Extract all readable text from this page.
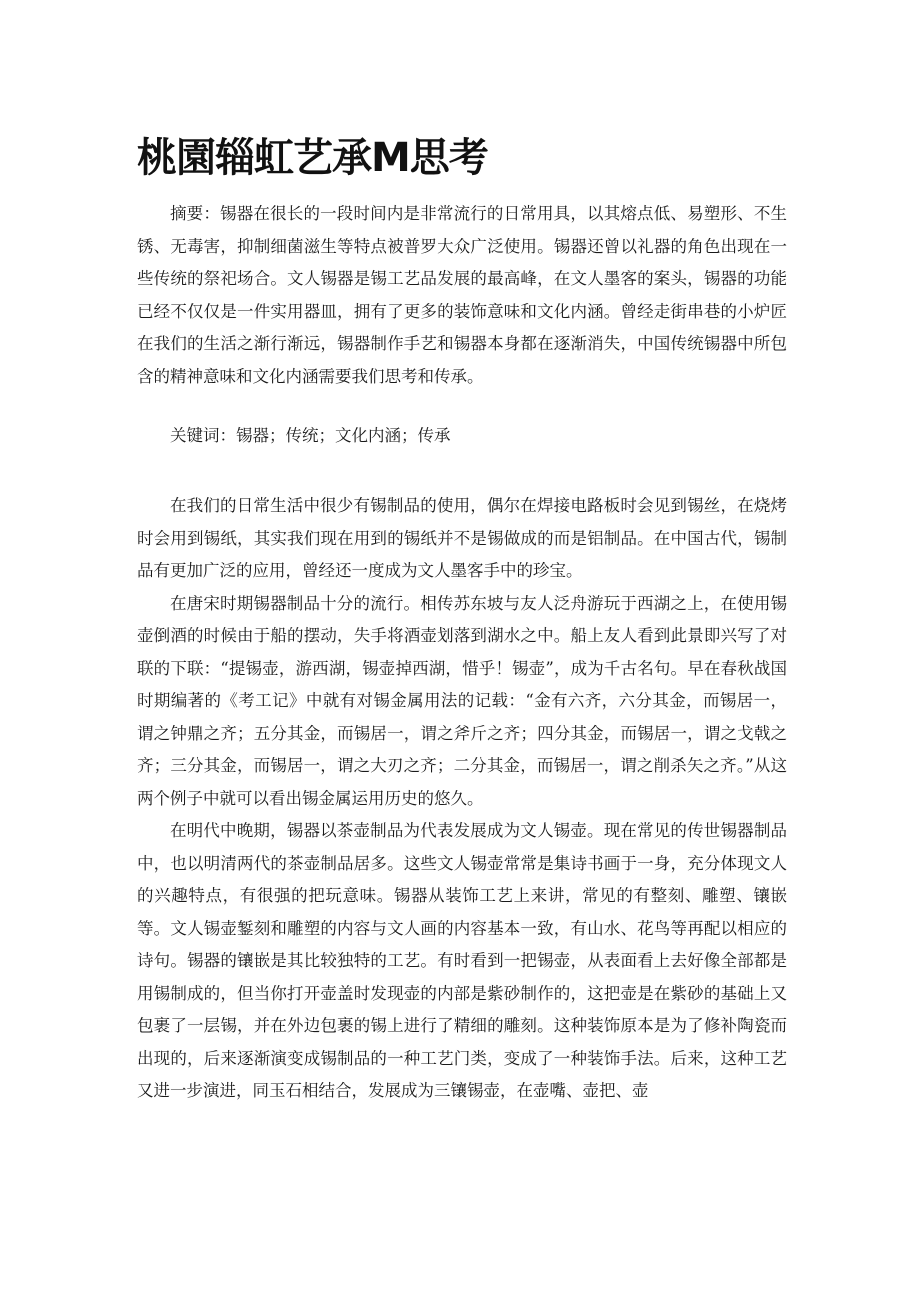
桃園辎虹艺承M思考

摘要：锡器在很长的一段时间内是非常流行的日常用具，以其熔点低、易塑形、不生锈、无毒害，抑制细菌滋生等特点被普罗大众广泛使用。锡器还曾以礼器的角色出现在一些传统的祭祀场合。文人锡器是锡工艺品发展的最高峰，在文人墨客的案头，锡器的功能已经不仅仅是一件实用器皿，拥有了更多的装饰意味和文化内涵。曾经走街串巷的小炉匠在我们的生活之渐行渐远，锡器制作手艺和锡器本身都在逐渐消失，中国传统锡器中所包含的精神意味和文化内涵需要我们思考和传承。

关键词：锡器；传统；文化内涵；传承

在我们的日常生活中很少有锡制品的使用，偶尔在焊接电路板时会见到锡丝，在烧烤时会用到锡纸，其实我们现在用到的锡纸并不是锡做成的而是铝制品。在中国古代，锡制品有更加广泛的应用，曾经还一度成为文人墨客手中的珍宝。

在唐宋时期锡器制品十分的流行。相传苏东坡与友人泛舟游玩于西湖之上，在使用锡壶倒酒的时候由于船的摆动，失手将酒壶划落到湖水之中。船上友人看到此景即兴写了对联的下联：“提锡壶，游西湖，锡壶掉西湖，惜乎！锡壶”，成为千古名句。早在春秋战国时期编著的《考工记》中就有对锡金属用法的记载：“金有六齐，六分其金，而锡居一，谓之钟鼎之齐；五分其金，而锡居一，谓之斧斤之齐；四分其金，而锡居一，谓之戈戟之齐；三分其金，而锡居一，谓之大刃之齐；二分其金，而锡居一，谓之削杀矢之齐。”从这两个例子中就可以看出锡金属运用历史的悠久。

在明代中晚期，锡器以茶壶制品为代表发展成为文人锡壶。现在常见的传世锡器制品中，也以明清两代的茶壶制品居多。这些文人锡壶常常是集诗书画于一身，充分体现文人的兴趣特点，有很强的把玩意味。锡器从装饰工艺上来讲，常见的有整刻、雕塑、镶嵌等。文人锡壶錾刻和雕塑的内容与文人画的内容基本一致，有山水、花鸟等再配以相应的诗句。锡器的镶嵌是其比较独特的工艺。有时看到一把锡壶，从表面看上去好像全部都是用锡制成的，但当你打开壶盖时发现壶的内部是紫砂制作的，这把壶是在紫砂的基础上又包裹了一层锡，并在外边包裹的锡上进行了精细的雕刻。这种装饰原本是为了修补陶瓷而出现的，后来逐渐演变成锡制品的一种工艺门类，变成了一种装饰手法。后来，这种工艺又进一步演进，同玉石相结合，发展成为三镶锡壶，在壶嘴、壶把、壶
